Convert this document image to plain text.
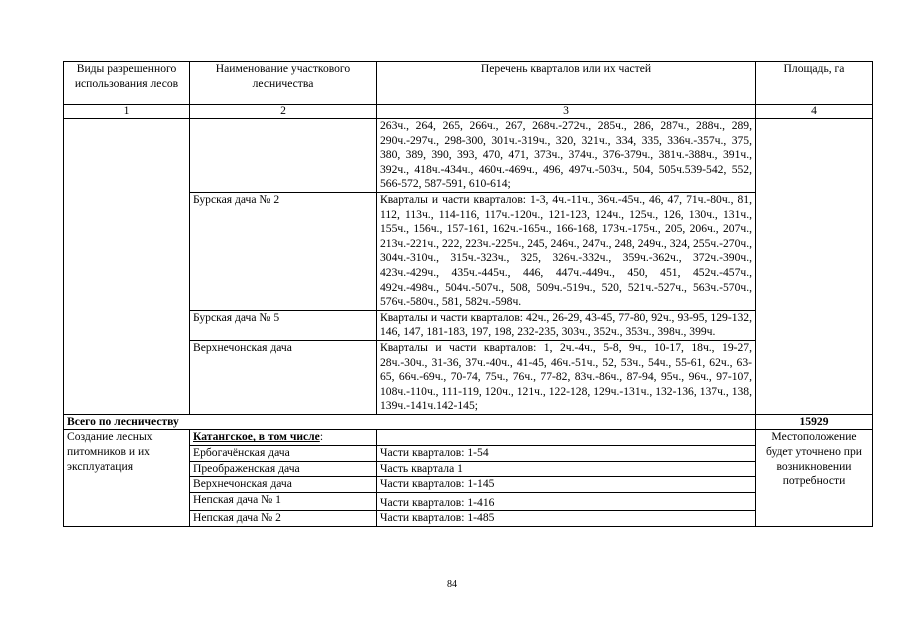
Виды разрешенного использования лесов	Наименование участкового лесничества	Перечень кварталов или их частей	Площадь, га
1	2	3	4
		263ч., 264, 265, 266ч., 267, 268ч.-272ч., 285ч., 286, 287ч., 288ч., 289, 290ч.-297ч., 298-300, 301ч.-319ч., 320, 321ч., 334, 335, 336ч.-357ч., 375, 380, 389, 390, 393, 470, 471, 373ч., 374ч., 376-379ч., 381ч.-388ч., 391ч., 392ч., 418ч.-434ч., 460ч.-469ч., 496, 497ч.-503ч., 504, 505ч.539-542, 552, 566-572, 587-591, 610-614;	
	Бурская дача № 2	Кварталы и части кварталов: 1-3, 4ч.-11ч., 36ч.-45ч., 46, 47, 71ч.-80ч., 81, 112, 113ч., 114-116, 117ч.-120ч., 121-123, 124ч., 125ч., 126, 130ч., 131ч., 155ч., 156ч., 157-161, 162ч.-165ч., 166-168, 173ч.-175ч., 205, 206ч., 207ч., 213ч.-221ч., 222, 223ч.-225ч., 245, 246ч., 247ч., 248, 249ч., 324, 255ч.-270ч., 304ч.-310ч., 315ч.-323ч., 325, 326ч.-332ч., 359ч.-362ч., 372ч.-390ч., 423ч.-429ч., 435ч.-445ч., 446, 447ч.-449ч., 450, 451, 452ч.-457ч., 492ч.-498ч., 504ч.-507ч., 508, 509ч.-519ч., 520, 521ч.-527ч., 563ч.-570ч., 576ч.-580ч., 581, 582ч.-598ч.	
	Бурская дача № 5	Кварталы и части кварталов: 42ч., 26-29, 43-45, 77-80, 92ч., 93-95, 129-132, 146, 147, 181-183, 197, 198, 232-235, 303ч., 352ч., 353ч., 398ч., 399ч.	
	Верхнечонская дача	Кварталы и части кварталов: 1, 2ч.-4ч., 5-8, 9ч., 10-17, 18ч., 19-27, 28ч.-30ч., 31-36, 37ч.-40ч., 41-45, 46ч.-51ч., 52, 53ч., 54ч., 55-61, 62ч., 63-65, 66ч.-69ч., 70-74, 75ч., 76ч., 77-82, 83ч.-86ч., 87-94, 95ч., 96ч., 97-107, 108ч.-110ч., 111-119, 120ч., 121ч., 122-128, 129ч.-131ч., 132-136, 137ч., 138, 139ч.-141ч.142-145;	
Всего по лесничеству			15929
Создание лесных питомников и их эксплуатация	Катангское, в том числе:		Местоположение будет уточнено при возникновении потребности
	Ербогачёнская дача	Части кварталов: 1-54	
	Преображенская дача	Часть квартала 1	
	Верхнечонская дача	Части кварталов: 1-145	
	Непская дача № 1	Части кварталов: 1-416	
	Непская дача № 2	Части кварталов: 1-485	
84
